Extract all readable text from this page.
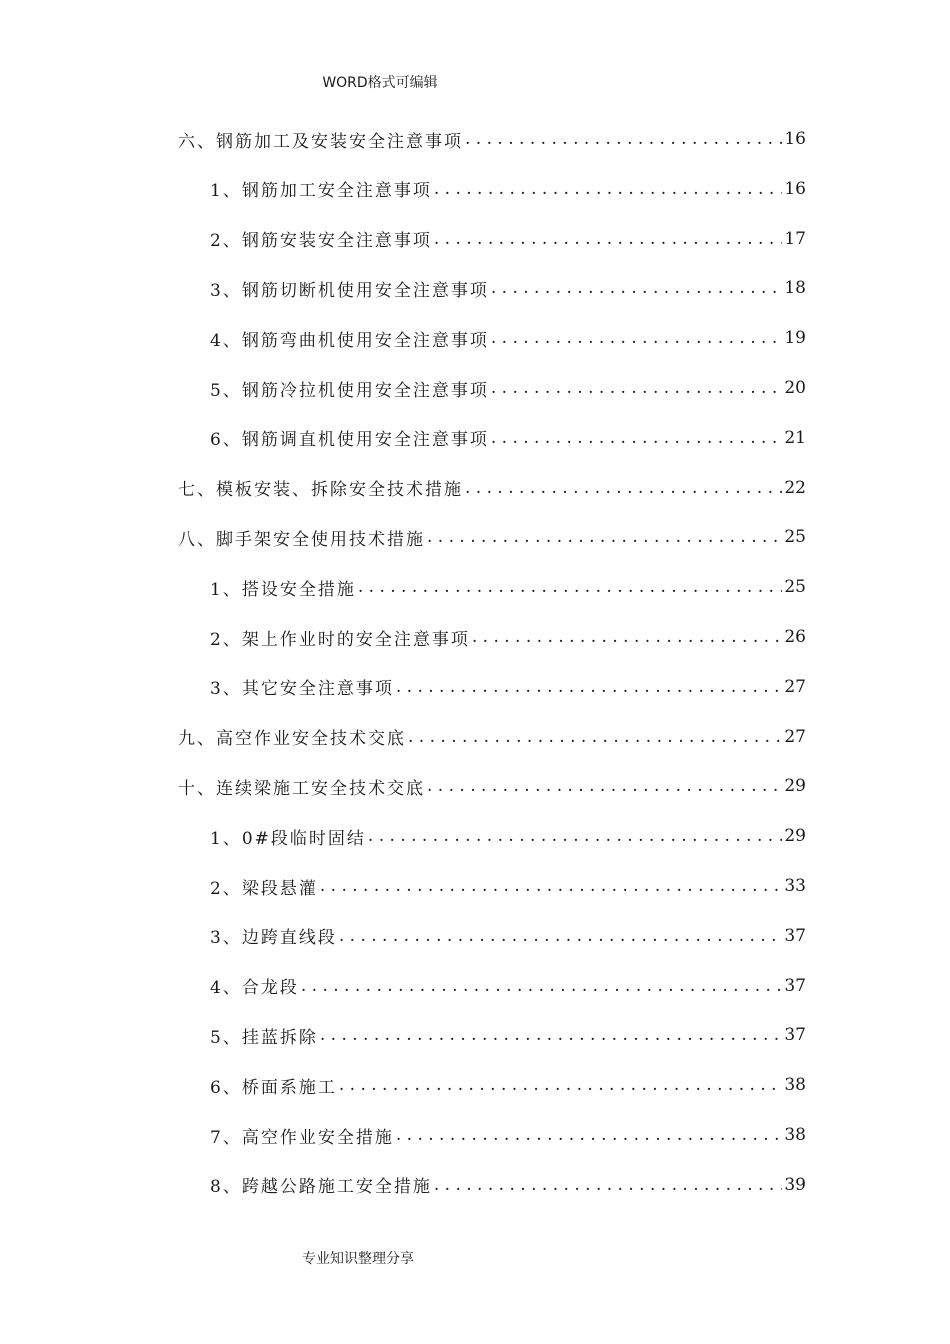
WORD格式可编辑
六、钢筋加工及安装安全注意事项 . . .	16
1、钢筋加工安全注意事项 . . .	16
2、钢筋安装安全注意事项 . . .	17
3、钢筋切断机使用安全注意事项 . . .	18
4、钢筋弯曲机使用安全注意事项 . . .	19
5、钢筋冷拉机使用安全注意事项 . . .	20
6、钢筋调直机使用安全注意事项 . . .	21
七、模板安装、拆除安全技术措施 . . .	22
八、脚手架安全使用技术措施 . . .	25
1、搭设安全措施 . . .	25
2、架上作业时的安全注意事项 . . .	26
3、其它安全注意事项 . . .	27
九、高空作业安全技术交底 . . .	27
十、连续梁施工安全技术交底 . . .	29
1、0#段临时固结 . . .	29
2、梁段悬灌 . . .	33
3、边跨直线段 . . .	37
4、合龙段 . . .	37
5、挂蓝拆除 . . .	37
6、桥面系施工 . . .	38
7、高空作业安全措施 . . .	38
8、跨越公路施工安全措施 . . .	39
专业知识整理分享
